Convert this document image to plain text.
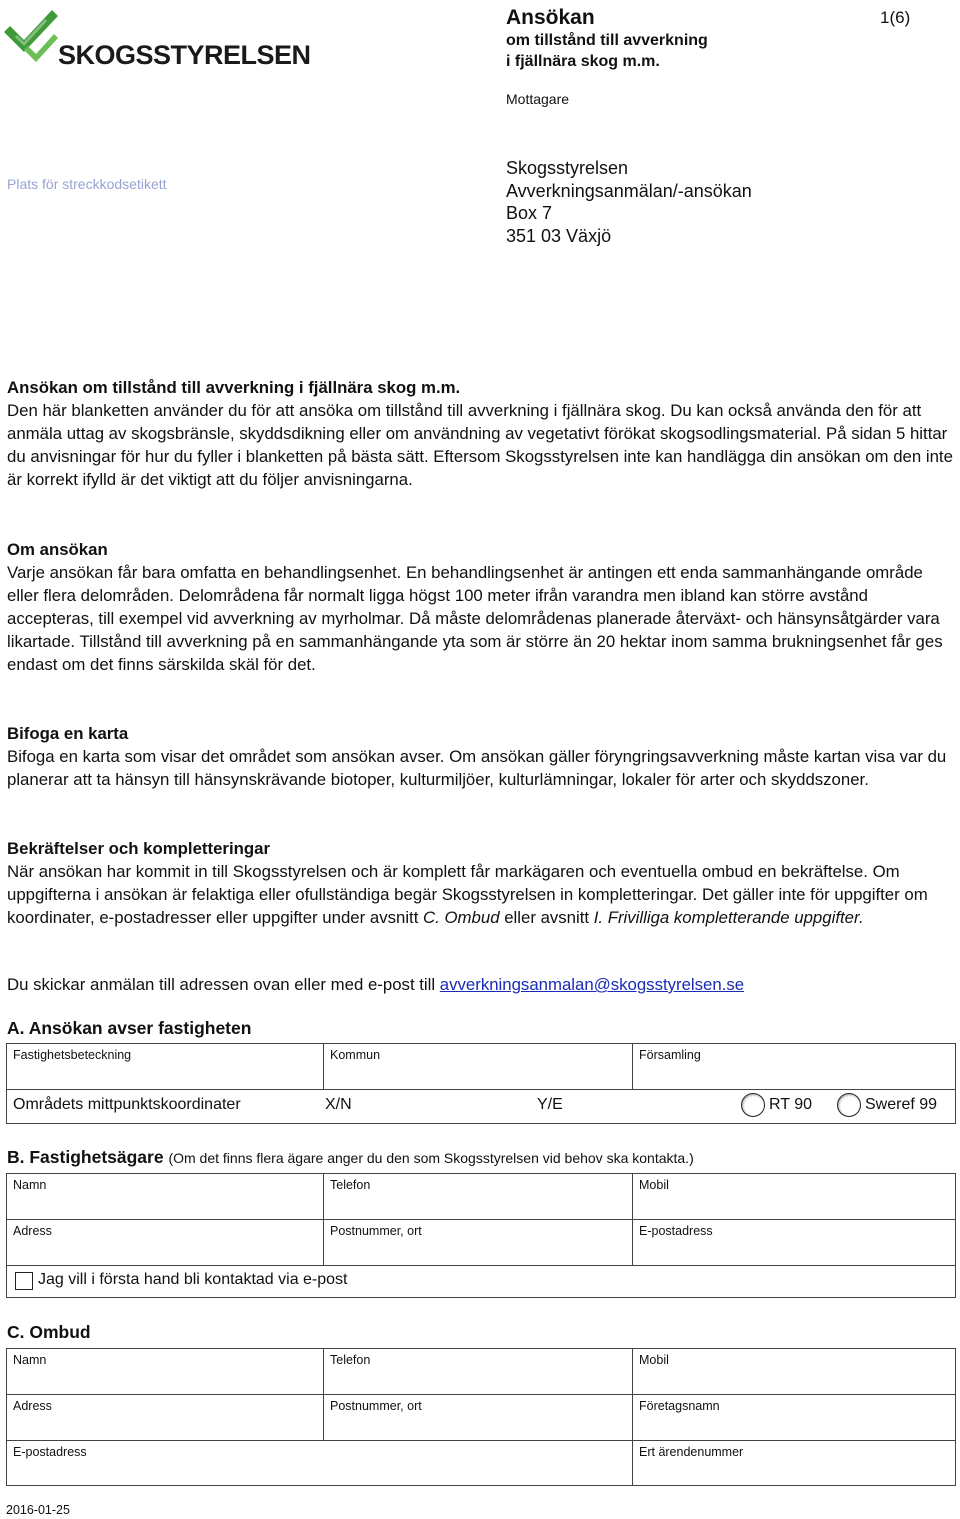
SKOGSSTYRELSEN
Ansökan
om tillstånd till avverkning
i fjällnära skog m.m.
1(6)
Mottagare
Plats för streckkodsetikett
Skogsstyrelsen
Avverkningsanmälan/-ansökan
Box 7
351 03 Växjö

Ansökan om tillstånd till avverkning i fjällnära skog m.m.

Den här blanketten använder du för att ansöka om tillstånd till avverkning i fjällnära skog. Du kan också använda den för att anmäla uttag av skogsbränsle, skyddsdikning eller om användning av vegetativt förökat skogsodlingsmaterial. På sidan 5 hittar du anvisningar för hur du fyller i blanketten på bästa sätt. Eftersom Skogsstyrelsen inte kan handlägga din ansökan om den inte är korrekt ifylld är det viktigt att du följer anvisningarna.

Om ansökan

Varje ansökan får bara omfatta en behandlingsenhet. En behandlingsenhet är antingen ett enda sammanhängande område eller flera delområden. Delområdena får normalt ligga högst 100 meter ifrån varandra men ibland kan större avstånd accepteras, till exempel vid avverkning av myrholmar. Då måste delområdenas planerade återväxt- och hänsynsåtgärder vara likartade. Tillstånd till avverkning på en sammanhängande yta som är större än 20 hektar inom samma brukningsenhet får ges endast om det finns särskilda skäl för det.

Bifoga en karta

Bifoga en karta som visar det området som ansökan avser. Om ansökan gäller föryngringsavverkning måste kartan visa var du planerar att ta hänsyn till hänsynskrävande biotoper, kulturmiljöer, kulturlämningar, lokaler för arter och skyddszoner.

Bekräftelser och kompletteringar

När ansökan har kommit in till Skogsstyrelsen och är komplett får markägaren och eventuella ombud en bekräftelse. Om uppgifterna i ansökan är felaktiga eller ofullständiga begär Skogsstyrelsen in kompletteringar. Det gäller inte för uppgifter om koordinater, e-postadresser eller uppgifter under avsnitt C. Ombud eller avsnitt I. Frivilliga kompletterande uppgifter.

Du skickar anmälan till adressen ovan eller med e-post till avverkningsanmalan@skogsstyrelsen.se

A. Ansökan avser fastigheten
Fastighetsbeteckning	Kommun	Församling
Områdets mittpunktskoordinater	X/N	Y/E	RT 90	Sweref 99
B. Fastighetsägare (Om det finns flera ägare anger du den som Skogsstyrelsen vid behov ska kontakta.)
Namn	Telefon	Mobil
Adress	Postnummer, ort	E-postadress
Jag vill i första hand bli kontaktad via e-post
C. Ombud
Namn	Telefon	Mobil
Adress	Postnummer, ort	Företagsnamn
E-postadress	Ert ärendenummer
2016-01-25
